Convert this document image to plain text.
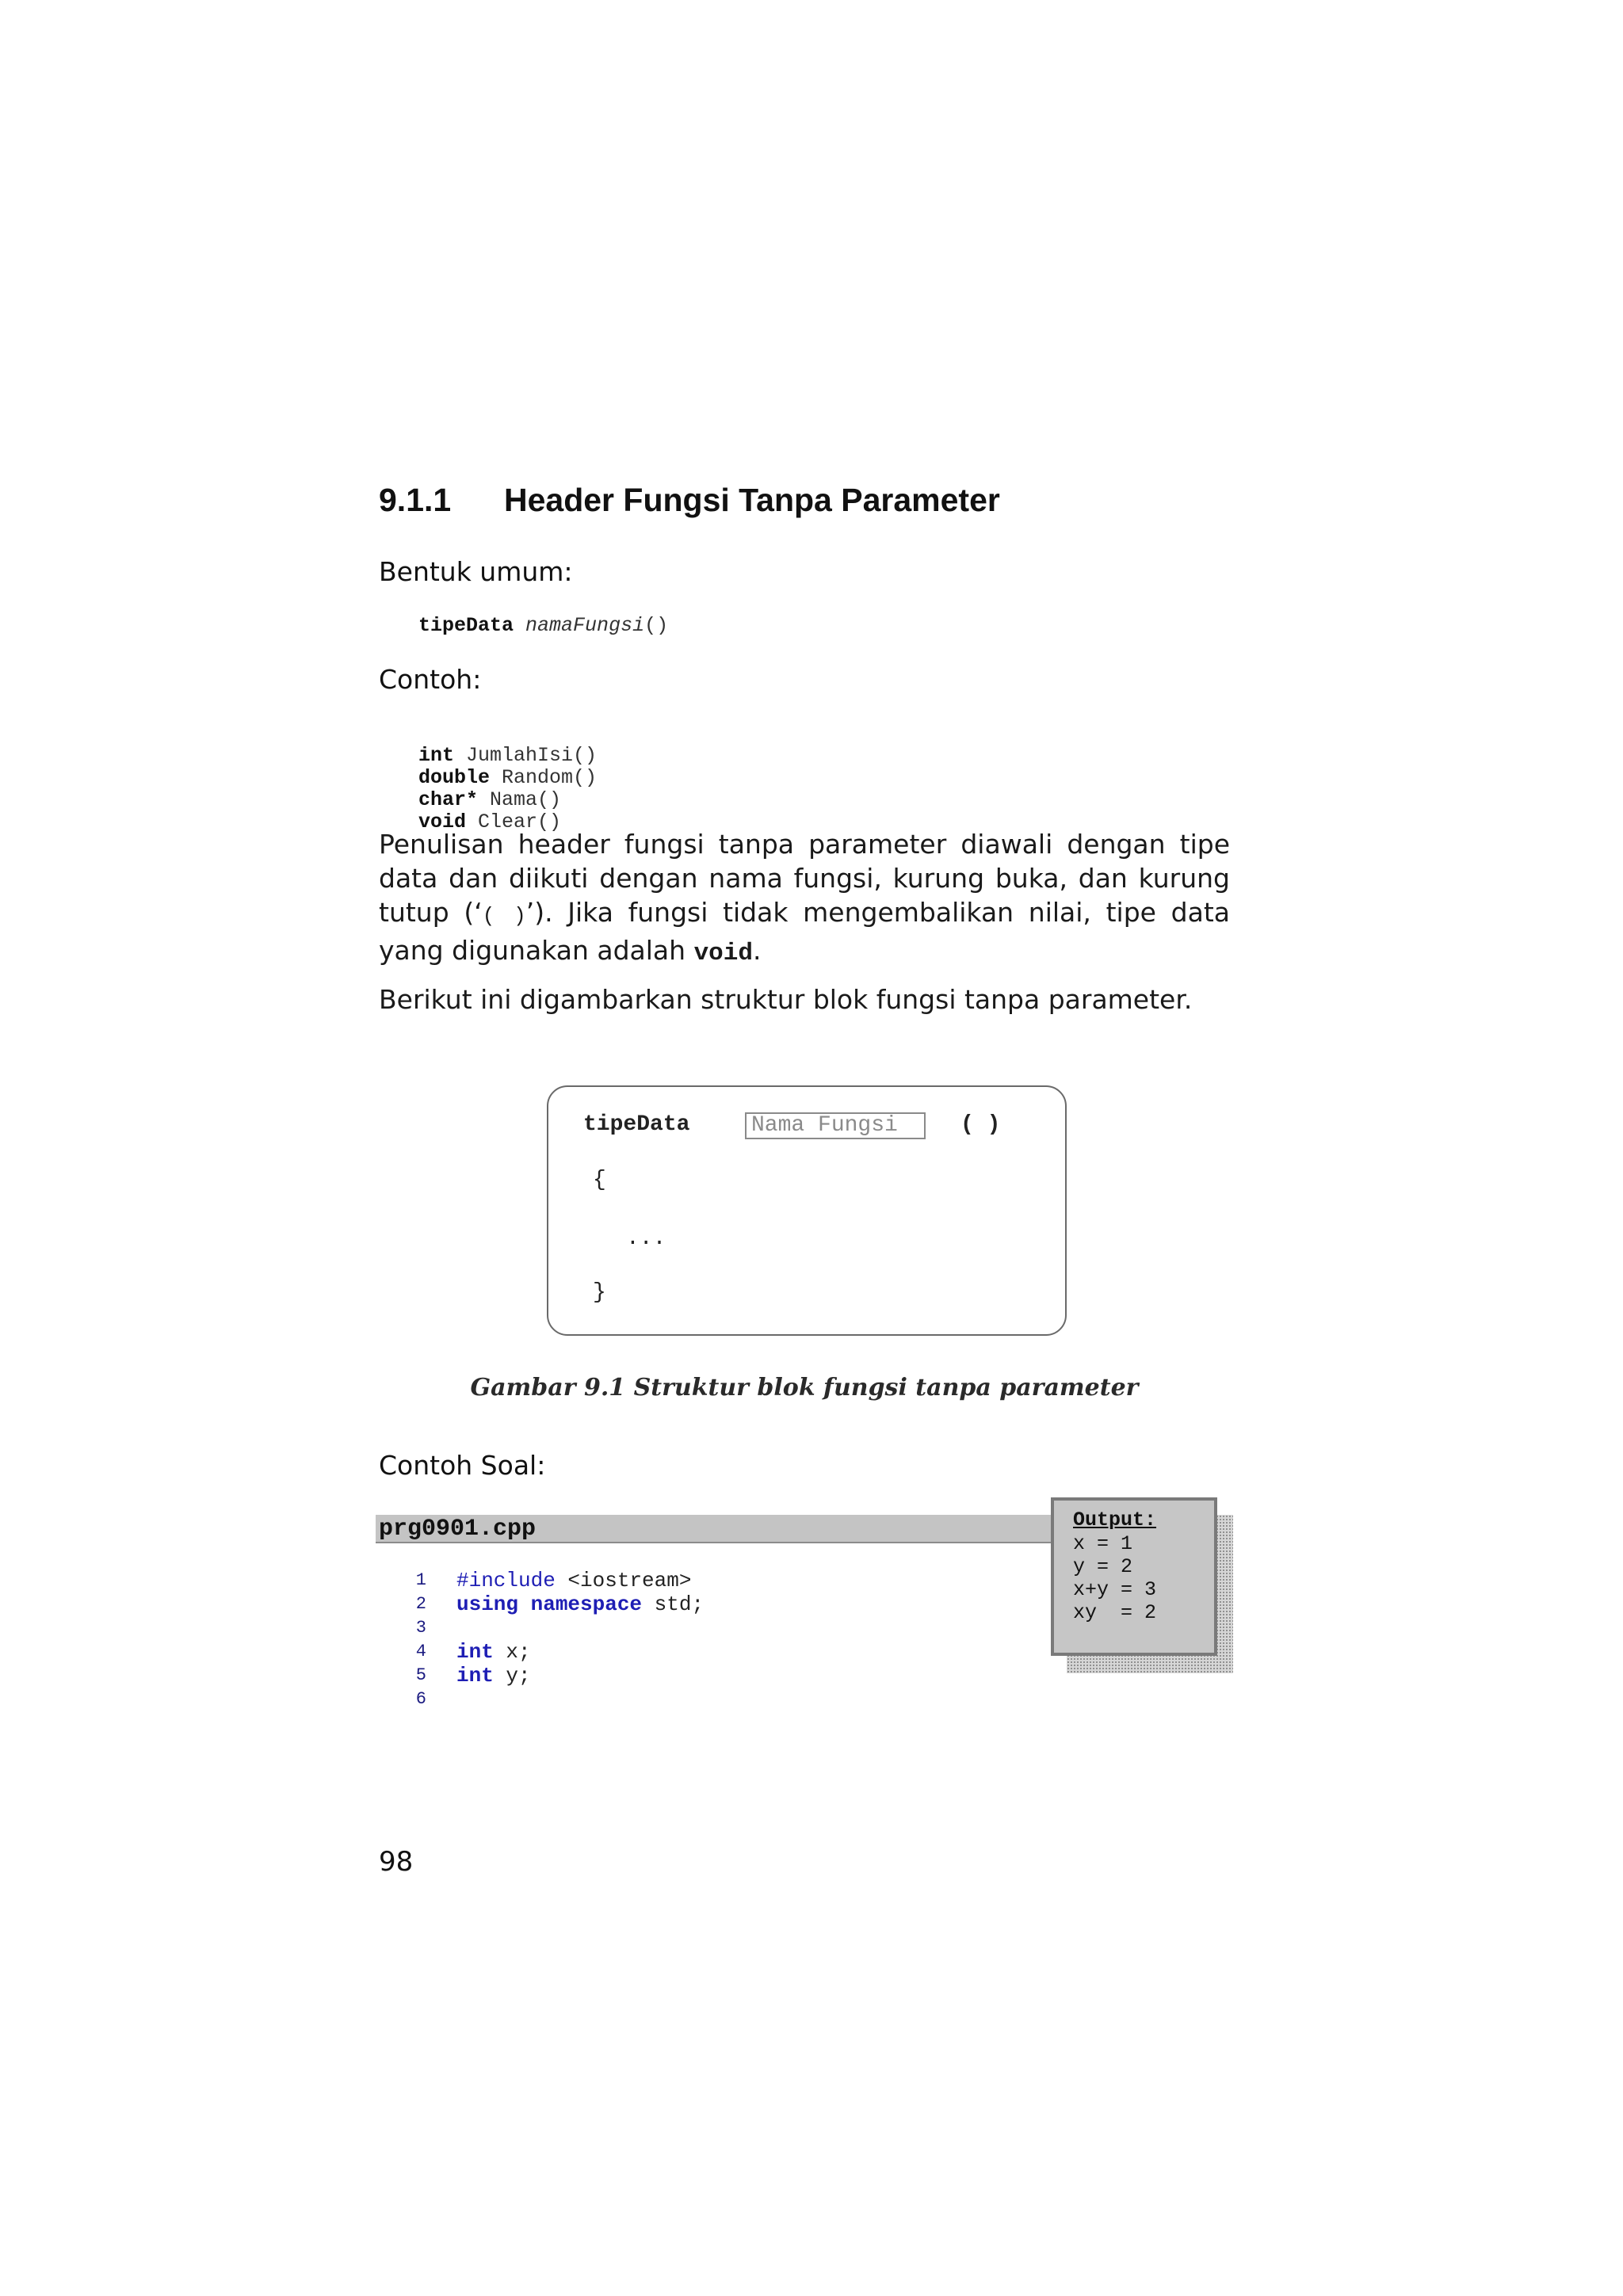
9.1.1 Header Fungsi Tanpa Parameter
Bentuk umum:
tipeData namaFungsi()
Contoh:

int JumlahIsi()
double Random()
char* Nama()
void Clear()

Penulisan header fungsi tanpa parameter diawali dengan tipe data dan diikuti dengan nama fungsi, kurung buka, dan kurung tutup (‘( )’). Jika fungsi tidak mengembalikan nilai, tipe data yang digunakan adalah void.
Berikut ini digambarkan struktur blok fungsi tanpa parameter.
tipeData	Nama Fungsi	( )
{
...
}
Gambar 9.1 Struktur blok fungsi tanpa parameter
Contoh Soal:
prg0901.cpp
1 #include <iostream>
2 using namespace std;
3
4 int x;
5 int y;
6
Output:
x = 1
y = 2
x+y = 3
xy  = 2
98
